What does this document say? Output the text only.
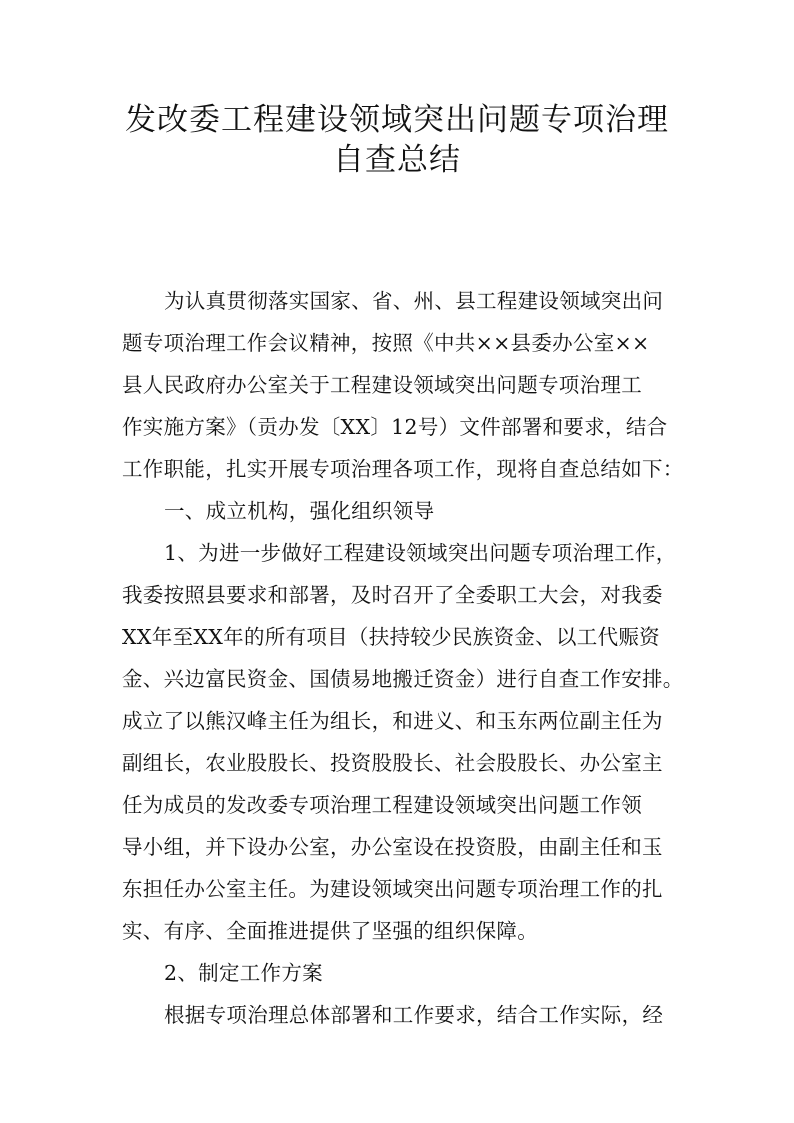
发改委工程建设领域突出问题专项治理
自查总结
为认真贯彻落实国家、省、州、县工程建设领域突出问
题专项治理工作会议精神，按照《中共××县委办公室××
县人民政府办公室关于工程建设领域突出问题专项治理工
作实施方案》（贡办发〔XX〕12号）文件部署和要求，结合
工作职能，扎实开展专项治理各项工作，现将自查总结如下：
一、成立机构，强化组织领导
1、为进一步做好工程建设领域突出问题专项治理工作，
我委按照县要求和部署，及时召开了全委职工大会，对我委
XX年至XX年的所有项目（扶持较少民族资金、以工代赈资
金、兴边富民资金、国债易地搬迁资金）进行自查工作安排。
成立了以熊汉峰主任为组长，和进义、和玉东两位副主任为
副组长，农业股股长、投资股股长、社会股股长、办公室主
任为成员的发改委专项治理工程建设领域突出问题工作领
导小组，并下设办公室，办公室设在投资股，由副主任和玉
东担任办公室主任。为建设领域突出问题专项治理工作的扎
实、有序、全面推进提供了坚强的组织保障。
2、制定工作方案
根据专项治理总体部署和工作要求，结合工作实际，经
